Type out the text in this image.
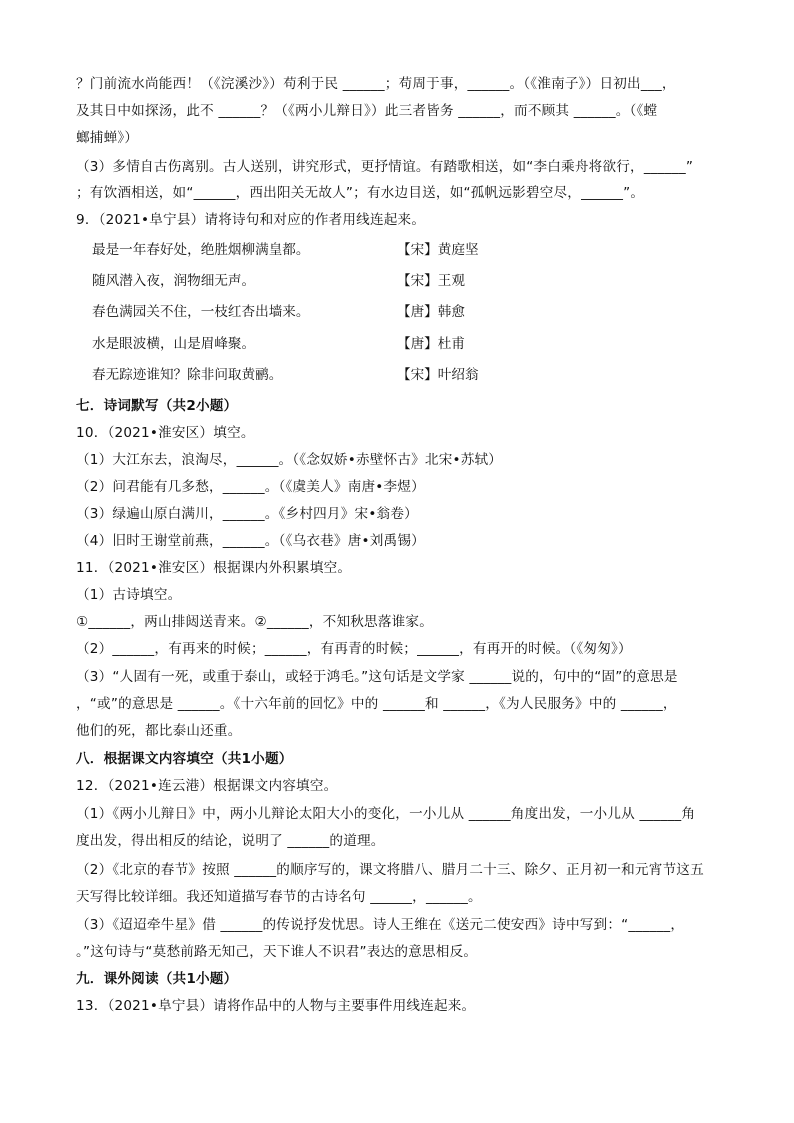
？门前流水尚能西！（《浣溪沙》）苟利于民 ______；苟周于事，______。（《淮南子》）日初出___，
及其日中如探汤，此不 ______？（《两小儿辩日》）此三者皆务 ______，而不顾其 ______。（《螳
螂捕蝉》）
（3）多情自古伤离别。古人送别，讲究形式，更抒情谊。有踏歌相送，如“李白乘舟将欲行，______”
；有饮酒相送，如“______，西出阳关无故人”；有水边目送，如“孤帆远影碧空尽，______”。
9．（2021•阜宁县）请将诗句和对应的作者用线连起来。
最是一年春好处，绝胜烟柳满皇都。	【宋】黄庭坚
随风潜入夜，润物细无声。	【宋】王观
春色满园关不住，一枝红杏出墙来。	【唐】韩愈
水是眼波横，山是眉峰聚。	【唐】杜甫
春无踪迹谁知？除非问取黄鹂。	【宋】叶绍翁
七．诗词默写（共2小题）
10．（2021•淮安区）填空。
（1）大江东去，浪淘尽，______。（《念奴娇•赤壁怀古》北宋•苏轼）
（2）问君能有几多愁，______。（《虞美人》南唐•李煜）
（3）绿遍山原白满川，______。《乡村四月》宋•翁卷）
（4）旧时王谢堂前燕，______。（《乌衣巷》唐•刘禹锡）
11．（2021•淮安区）根据课内外积累填空。
（1）古诗填空。
①______，两山排闼送青来。②______，不知秋思落谁家。
（2）______，有再来的时候；______，有再青的时候；______，有再开的时候。（《匆匆》）
（3）“人固有一死，或重于泰山，或轻于鸿毛。”这句话是文学家 ______说的，句中的“固”的意思是
，“或”的意思是 ______。《十六年前的回忆》中的 ______和 ______，《为人民服务》中的 ______，
他们的死，都比泰山还重。
八．根据课文内容填空（共1小题）
12．（2021•连云港）根据课文内容填空。
（1）《两小儿辩日》中，两小儿辩论太阳大小的变化，一小儿从 ______角度出发，一小儿从 ______角
度出发，得出相反的结论，说明了 ______的道理。
（2）《北京的春节》按照 ______的顺序写的，课文将腊八、腊月二十三、除夕、正月初一和元宵节这五
天写得比较详细。我还知道描写春节的古诗名句 ______，______。
（3）《迢迢牵牛星》借 ______的传说抒发忧思。诗人王维在《送元二使安西》诗中写到：“______，
。”这句诗与“莫愁前路无知己，天下谁人不识君”表达的意思相反。
九．课外阅读（共1小题）
13．（2021•阜宁县）请将作品中的人物与主要事件用线连起来。
